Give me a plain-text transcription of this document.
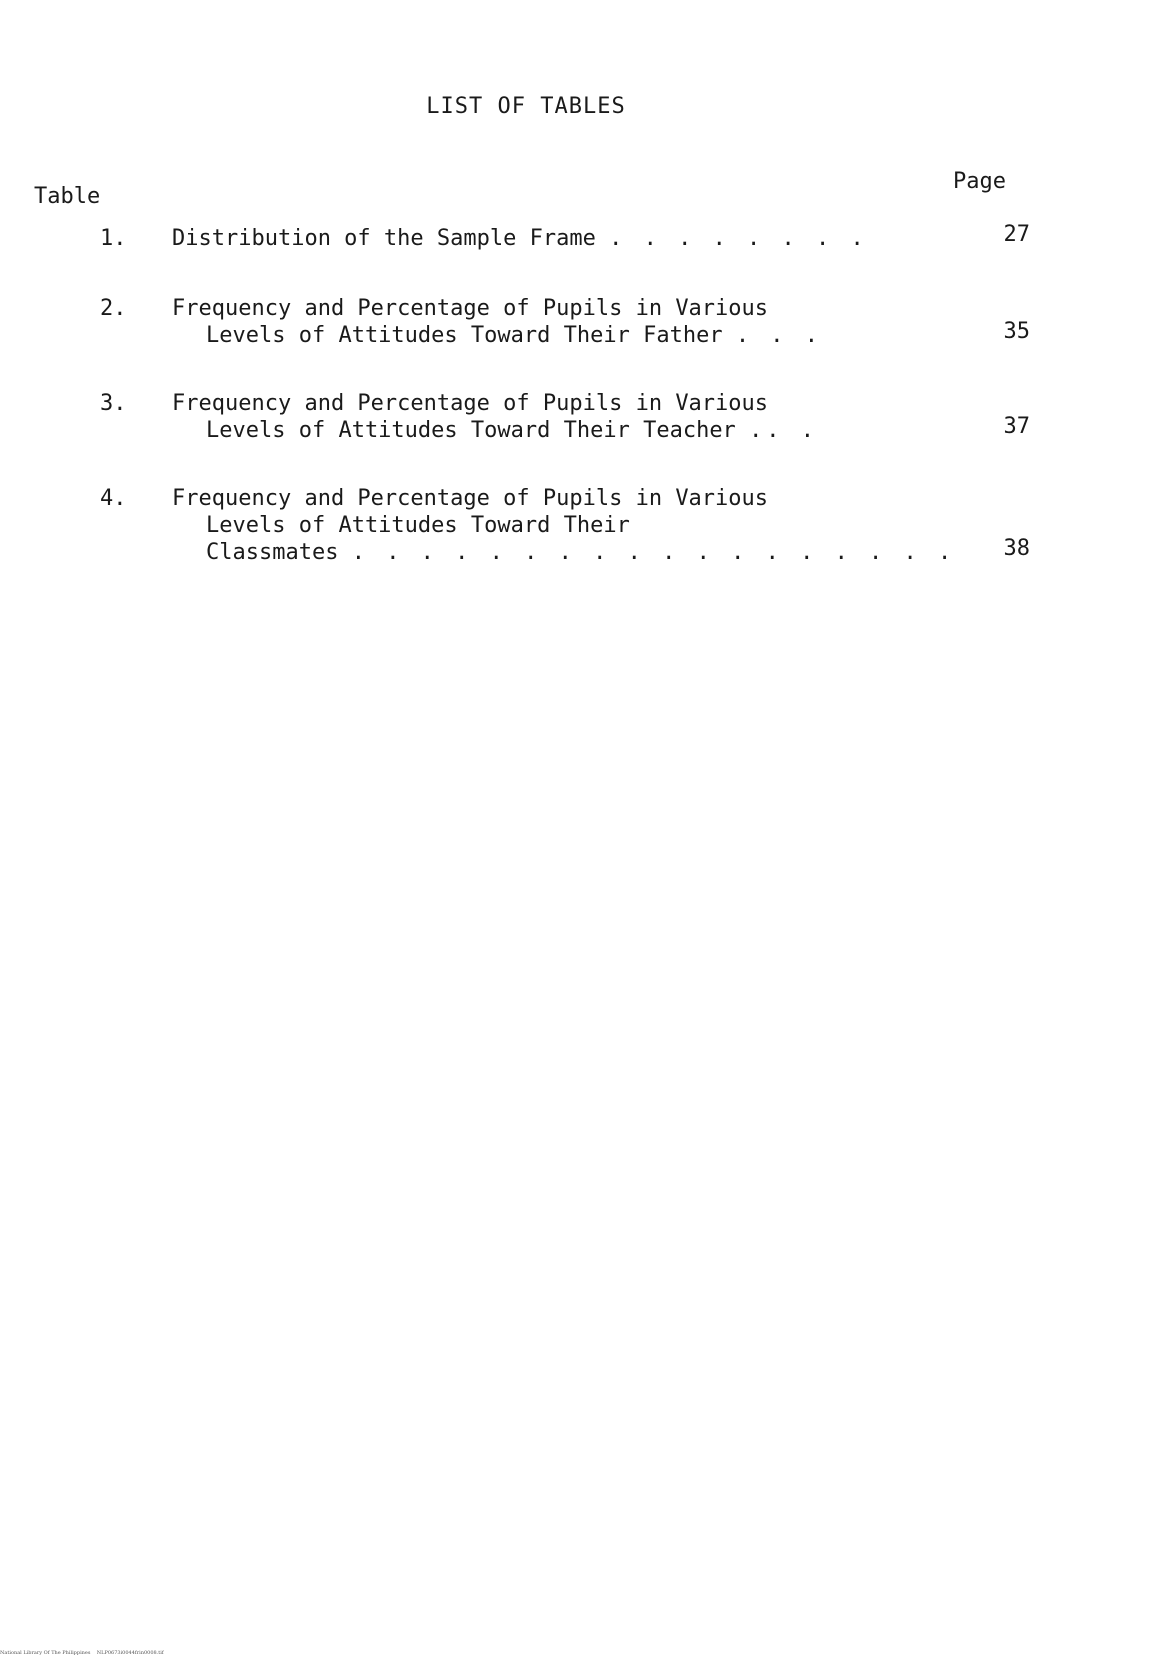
LIST OF TABLES
Table
Page
1.	Distribution of the Sample Frame . . . . . . . .	27
2.	Frequency and Percentage of Pupils in Various
Levels of Attitudes Toward Their Father . . .	35
3.	Frequency and Percentage of Pupils in Various
Levels of Attitudes Toward Their Teacher .. .	37
4.	Frequency and Percentage of Pupils in Various
Levels of Attitudes Toward Their
Classmates . . . . . . . . . . . . . . . . . .	38
National Library Of The Philippines    NLP0673i0044frin0008.tif
